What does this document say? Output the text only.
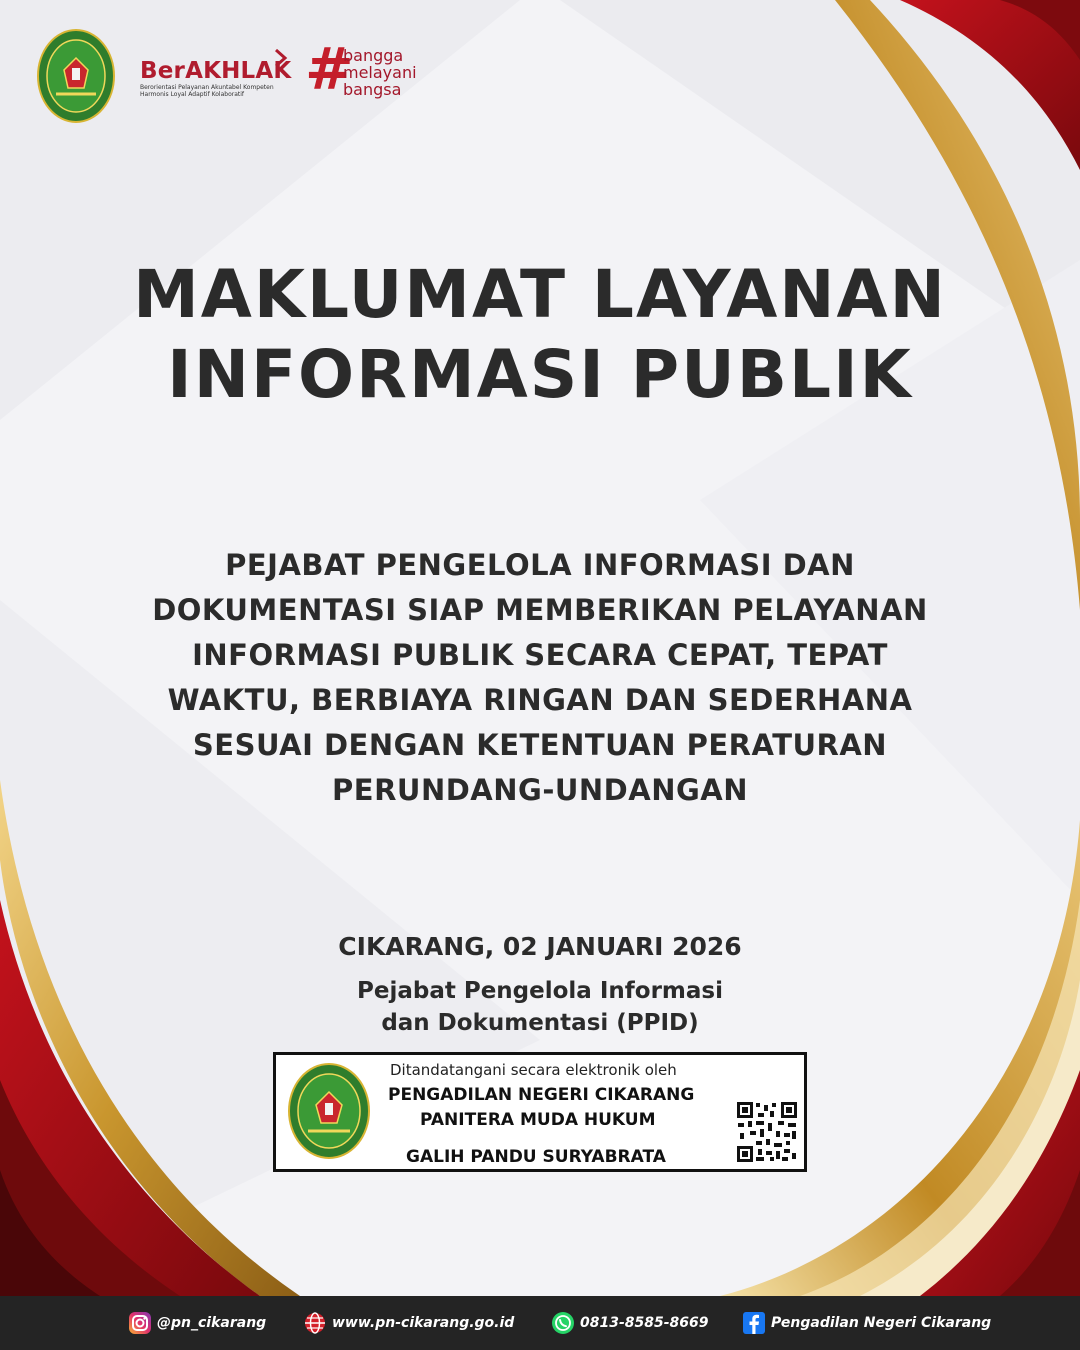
BerAKHLAK
Berorientasi Pelayanan Akuntabel Kompeten
Harmonis Loyal Adaptif Kolaboratif	#
bangga
melayani
bangsa
MAKLUMAT LAYANAN
INFORMASI PUBLIK
PEJABAT PENGELOLA INFORMASI DAN
DOKUMENTASI SIAP MEMBERIKAN PELAYANAN
INFORMASI PUBLIK SECARA CEPAT, TEPAT
WAKTU, BERBIAYA RINGAN DAN SEDERHANA
SESUAI DENGAN KETENTUAN PERATURAN
PERUNDANG-UNDANGAN
CIKARANG, 02 JANUARI 2026
Pejabat Pengelola Informasi
dan Dokumentasi (PPID)
Ditandatangani secara elektronik oleh
PENGADILAN NEGERI CIKARANG
PANITERA MUDA HUKUM
GALIH PANDU SURYABRATA
@pn_cikarang	www.pn-cikarang.go.id	0813-8585-8669	Pengadilan Negeri Cikarang
